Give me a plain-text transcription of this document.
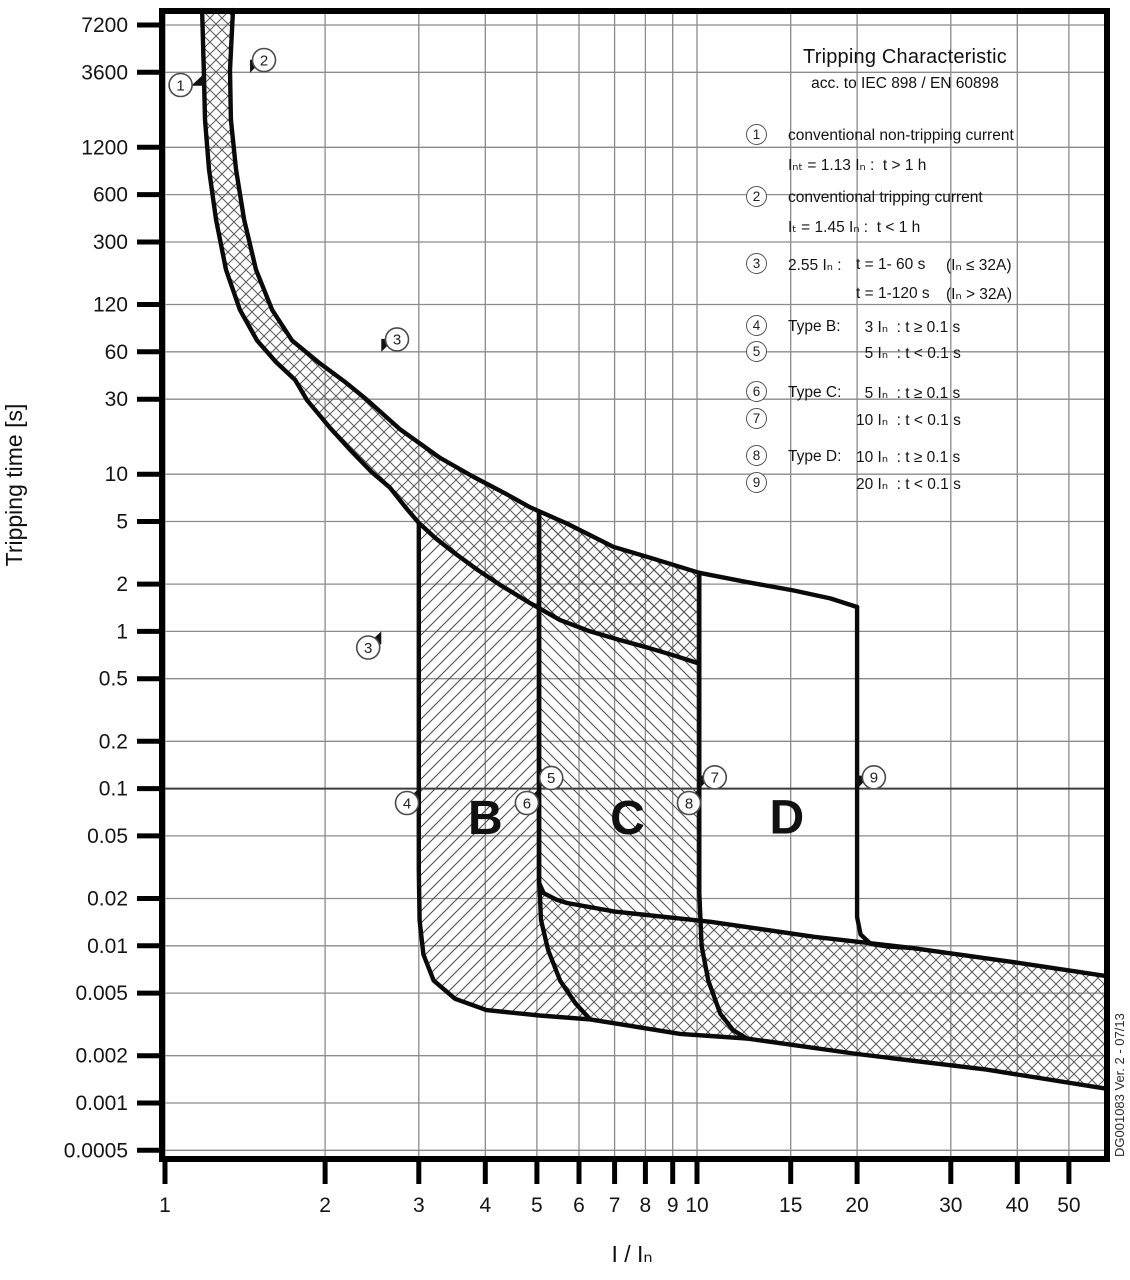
7200
3600
1200
600
300
120
60
30
10
5
2
1
0.5
0.2
0.1
0.05
0.02
0.01
0.005
0.002
0.001
0.0005
1	2	3	4 5 6 7 8 9 10	15 20	30 40 50
1
2
3
3
4
5
6
7
8
9
B C	D
Tripping time [s]
I / Iₙ
DG001083 Ver. 2 - 07/13
Tripping Characteristic
acc. to IEC 898 / EN 60898
1	conventional non-tripping current
Iₙₜ = 1.13 Iₙ :  t > 1 h
2	conventional tripping current
Iₜ = 1.45 Iₙ :  t < 1 h
3	2.55 Iₙ : t = 1- 60 s (Iₙ ≤ 32A)
t = 1-120 s (Iₙ > 32A)
4	Type B: 3 Iₙ  : t ≥ 0.1 s
5	5 Iₙ  : t < 0.1 s
6	Type C: 5 Iₙ  : t ≥ 0.1 s
7	10 Iₙ  : t < 0.1 s
8	Type D: 10 Iₙ  : t ≥ 0.1 s
9	20 Iₙ  : t < 0.1 s
